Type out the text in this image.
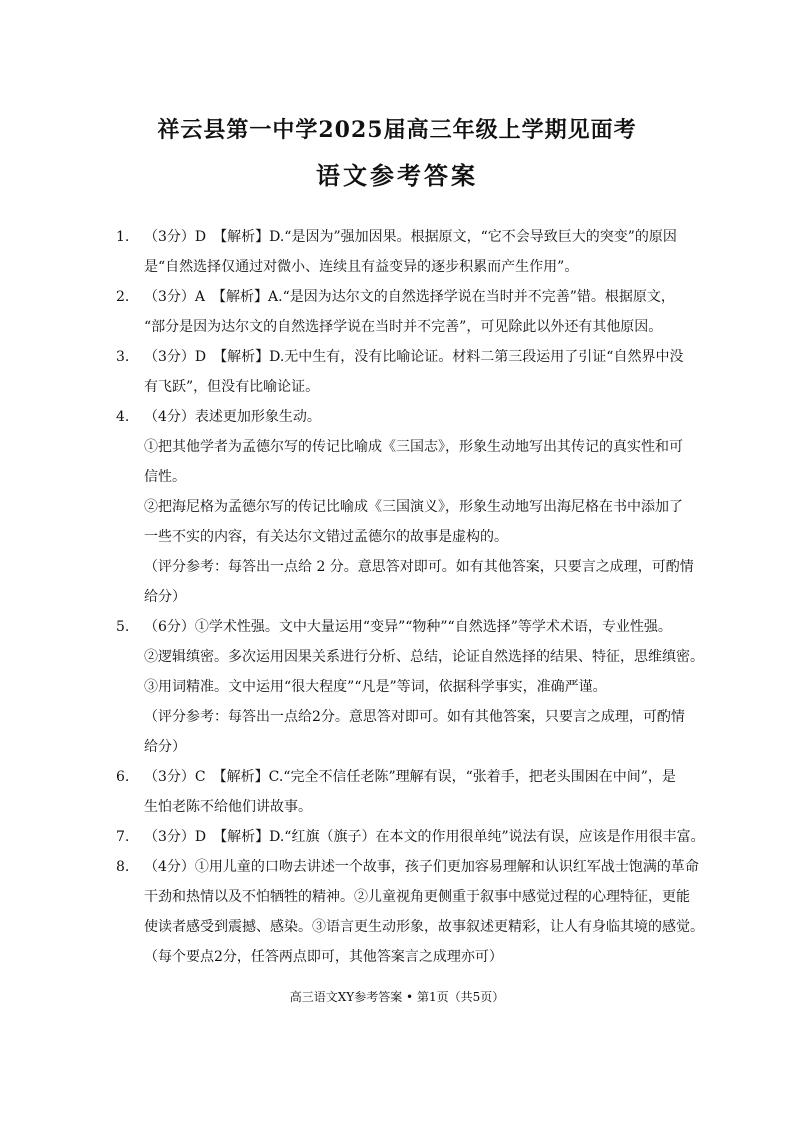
祥云县第一中学2025届高三年级上学期见面考
语文参考答案
1. （3分）D　【解析】D.“是因为”强加因果。根据原文，“它不会导致巨大的突变”的原因
是“自然选择仅通过对微小、连续且有益变异的逐步积累而产生作用”。
2. （3分）A　【解析】A.“是因为达尔文的自然选择学说在当时并不完善”错。根据原文，
“部分是因为达尔文的自然选择学说在当时并不完善”，可见除此以外还有其他原因。
3. （3分）D　【解析】D.无中生有，没有比喻论证。材料二第三段运用了引证“自然界中没
有飞跃”，但没有比喻论证。
4. （4分）表述更加形象生动。
①把其他学者为孟德尔写的传记比喻成《三国志》，形象生动地写出其传记的真实性和可
信性。
②把海尼格为孟德尔写的传记比喻成《三国演义》，形象生动地写出海尼格在书中添加了
一些不实的内容，有关达尔文错过孟德尔的故事是虚构的。
（评分参考：每答出一点给 2 分。意思答对即可。如有其他答案，只要言之成理，可酌情
给分）
5. （6分）①学术性强。文中大量运用“变异”“物种”“自然选择”等学术术语，专业性强。
②逻辑缜密。多次运用因果关系进行分析、总结，论证自然选择的结果、特征，思维缜密。
③用词精准。文中运用“很大程度”“凡是”等词，依据科学事实，准确严谨。
（评分参考：每答出一点给2分。意思答对即可。如有其他答案，只要言之成理，可酌情
给分）
6. （3分）C　【解析】C.“完全不信任老陈”理解有误，“张着手，把老头围困在中间”，是
生怕老陈不给他们讲故事。
7. （3分）D　【解析】D.“红旗（旗子）在本文的作用很单纯”说法有误，应该是作用很丰富。
8. （4分）①用儿童的口吻去讲述一个故事，孩子们更加容易理解和认识红军战士饱满的革命
干劲和热情以及不怕牺牲的精神。②儿童视角更侧重于叙事中感觉过程的心理特征，更能
使读者感受到震撼、感染。③语言更生动形象，故事叙述更精彩，让人有身临其境的感觉。
（每个要点2分，任答两点即可，其他答案言之成理亦可）
高三语文XY参考答案 • 第1页（共5页）
